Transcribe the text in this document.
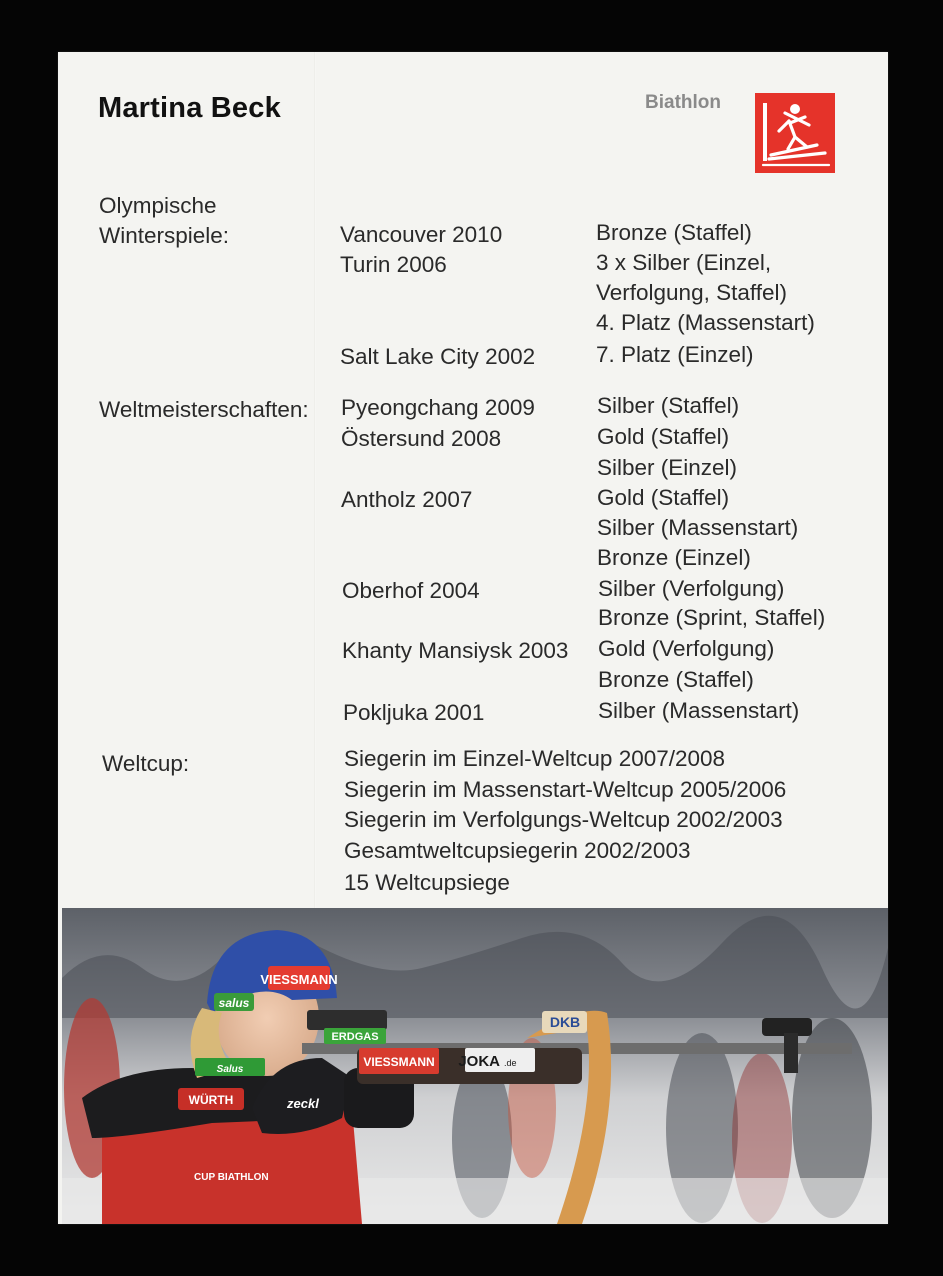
Martina Beck	Biathlon
Olympische
Winterspiele:	Vancouver 2010	Bronze (Staffel)
Turin 2006	3 x Silber (Einzel,
Verfolgung, Staffel)
4. Platz (Massenstart)
Salt Lake City 2002	7. Platz (Einzel)
Weltmeisterschaften: Pyeongchang 2009	Silber (Staffel)
Östersund 2008	Gold (Staffel)
Silber (Einzel)
Antholz 2007	Gold (Staffel)
Silber (Massenstart)
Bronze (Einzel)
Oberhof 2004	Silber (Verfolgung)
Bronze (Sprint, Staffel)
Khanty Mansiysk 2003 Gold (Verfolgung)
Bronze (Staffel)
Pokljuka 2001	Silber (Massenstart)
Weltcup:	Siegerin im Einzel-Weltcup 2007/2008
Siegerin im Massenstart-Weltcup 2005/2006
Siegerin im Verfolgungs-Weltcup 2002/2003
Gesamtweltcupsiegerin 2002/2003
15 Weltcupsiege
VIESSMANN
salus
ERDGAS
VIESSMANN JOKA .de
DKB
WÜRTH
Salus
CUP BIATHLON
zeckl
